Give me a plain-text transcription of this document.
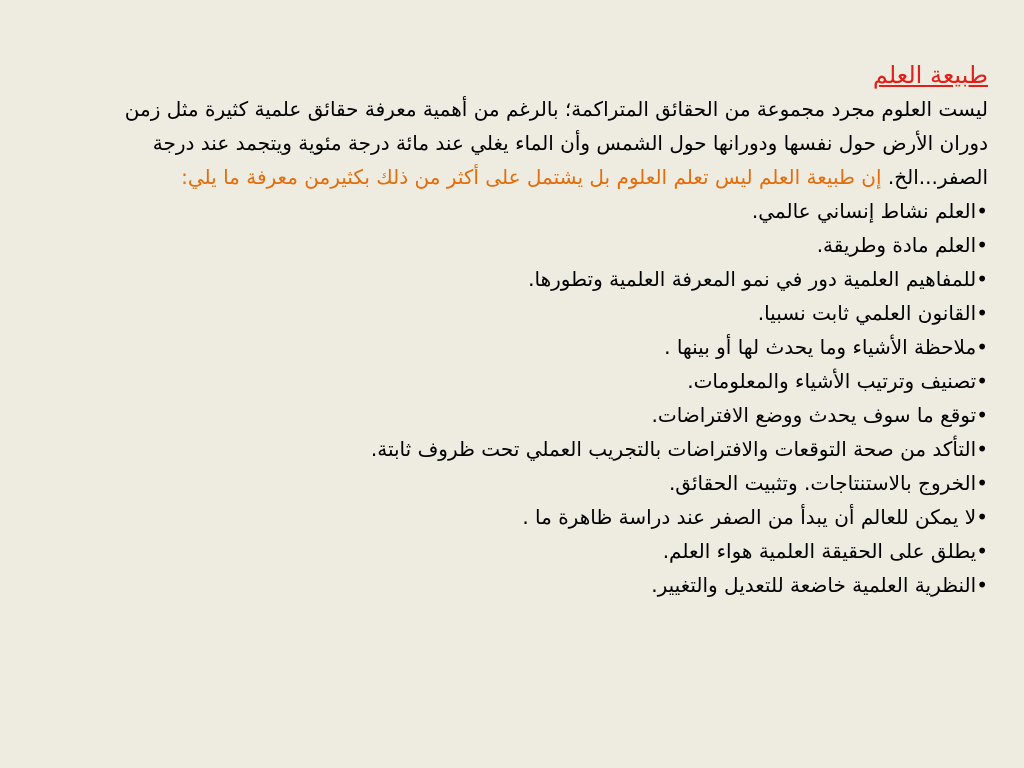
طبيعة العلم
ليست العلوم مجرد مجموعة من الحقائق المتراكمة؛ بالرغم من أهمية معرفة حقائق علمية كثيرة مثل زمن دوران الأرض حول نفسها ودورانها حول الشمس وأن الماء يغلي عند مائة درجة مئوية ويتجمد عند درجة الصفر...الخ. إن طبيعة العلم ليس تعلم العلوم بل يشتمل على أكثر من ذلك بكثيرمن معرفة ما يلي:
•العلم نشاط إنساني عالمي.
•العلم مادة وطريقة.
•للمفاهيم العلمية دور في نمو المعرفة العلمية وتطورها.
•القانون العلمي ثابت نسبيا.
•ملاحظة الأشياء وما يحدث لها أو بينها .
•تصنيف وترتيب الأشياء والمعلومات.
•توقع ما سوف يحدث ووضع الافتراضات.
•التأكد من صحة التوقعات والافتراضات بالتجريب العملي تحت ظروف ثابتة.
•الخروج بالاستنتاجات. وتثبيت الحقائق.
•لا يمكن للعالم أن يبدأ من الصفر عند دراسة ظاهرة ما .
•يطلق على الحقيقة العلمية هواء العلم.
•النظرية العلمية خاضعة للتعديل والتغيير.
